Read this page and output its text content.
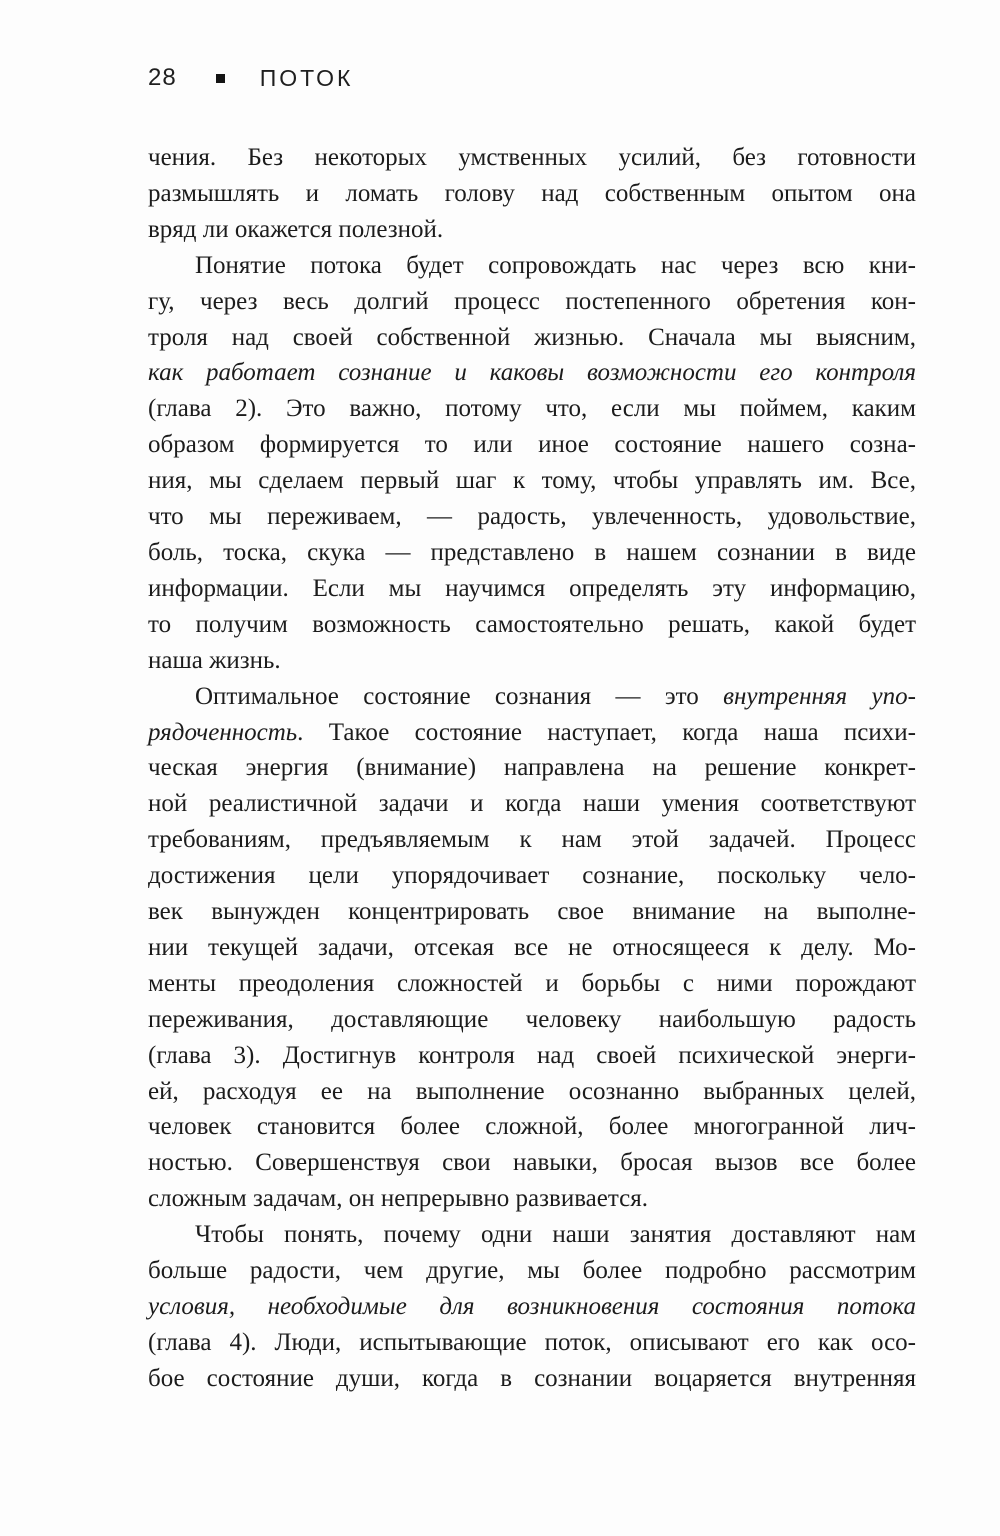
28	ПОТОК
чения. Без некоторых умственных усилий, без готовности
размышлять и ломать голову над собственным опытом она
вряд ли окажется полезной.
Понятие потока будет сопровождать нас через всю кни-
гу, через весь долгий процесс постепенного обретения кон-
троля над своей собственной жизнью. Сначала мы выясним,
как работает сознание и каковы возможности его контроля
(глава 2). Это важно, потому что, если мы поймем, каким
образом формируется то или иное состояние нашего созна-
ния, мы сделаем первый шаг к тому, чтобы управлять им. Все,
что мы переживаем, — радость, увлеченность, удовольствие,
боль, тоска, скука — представлено в нашем сознании в виде
информации. Если мы научимся определять эту информацию,
то получим возможность самостоятельно решать, какой будет
наша жизнь.
Оптимальное состояние сознания — это внутренняя упо-
рядоченность. Такое состояние наступает, когда наша психи-
ческая энергия (внимание) направлена на решение конкрет-
ной реалистичной задачи и когда наши умения соответствуют
требованиям, предъявляемым к нам этой задачей. Процесс
достижения цели упорядочивает сознание, поскольку чело-
век вынужден концентрировать свое внимание на выполне-
нии текущей задачи, отсекая все не относящееся к делу. Мо-
менты преодоления сложностей и борьбы с ними порождают
переживания, доставляющие человеку наибольшую радость
(глава 3). Достигнув контроля над своей психической энерги-
ей, расходуя ее на выполнение осознанно выбранных целей,
человек становится более сложной, более многогранной лич-
ностью. Совершенствуя свои навыки, бросая вызов все более
сложным задачам, он непрерывно развивается.
Чтобы понять, почему одни наши занятия доставляют нам
больше радости, чем другие, мы более подробно рассмотрим
условия, необходимые для возникновения состояния потока
(глава 4). Люди, испытывающие поток, описывают его как осо-
бое состояние души, когда в сознании воцаряется внутренняя
